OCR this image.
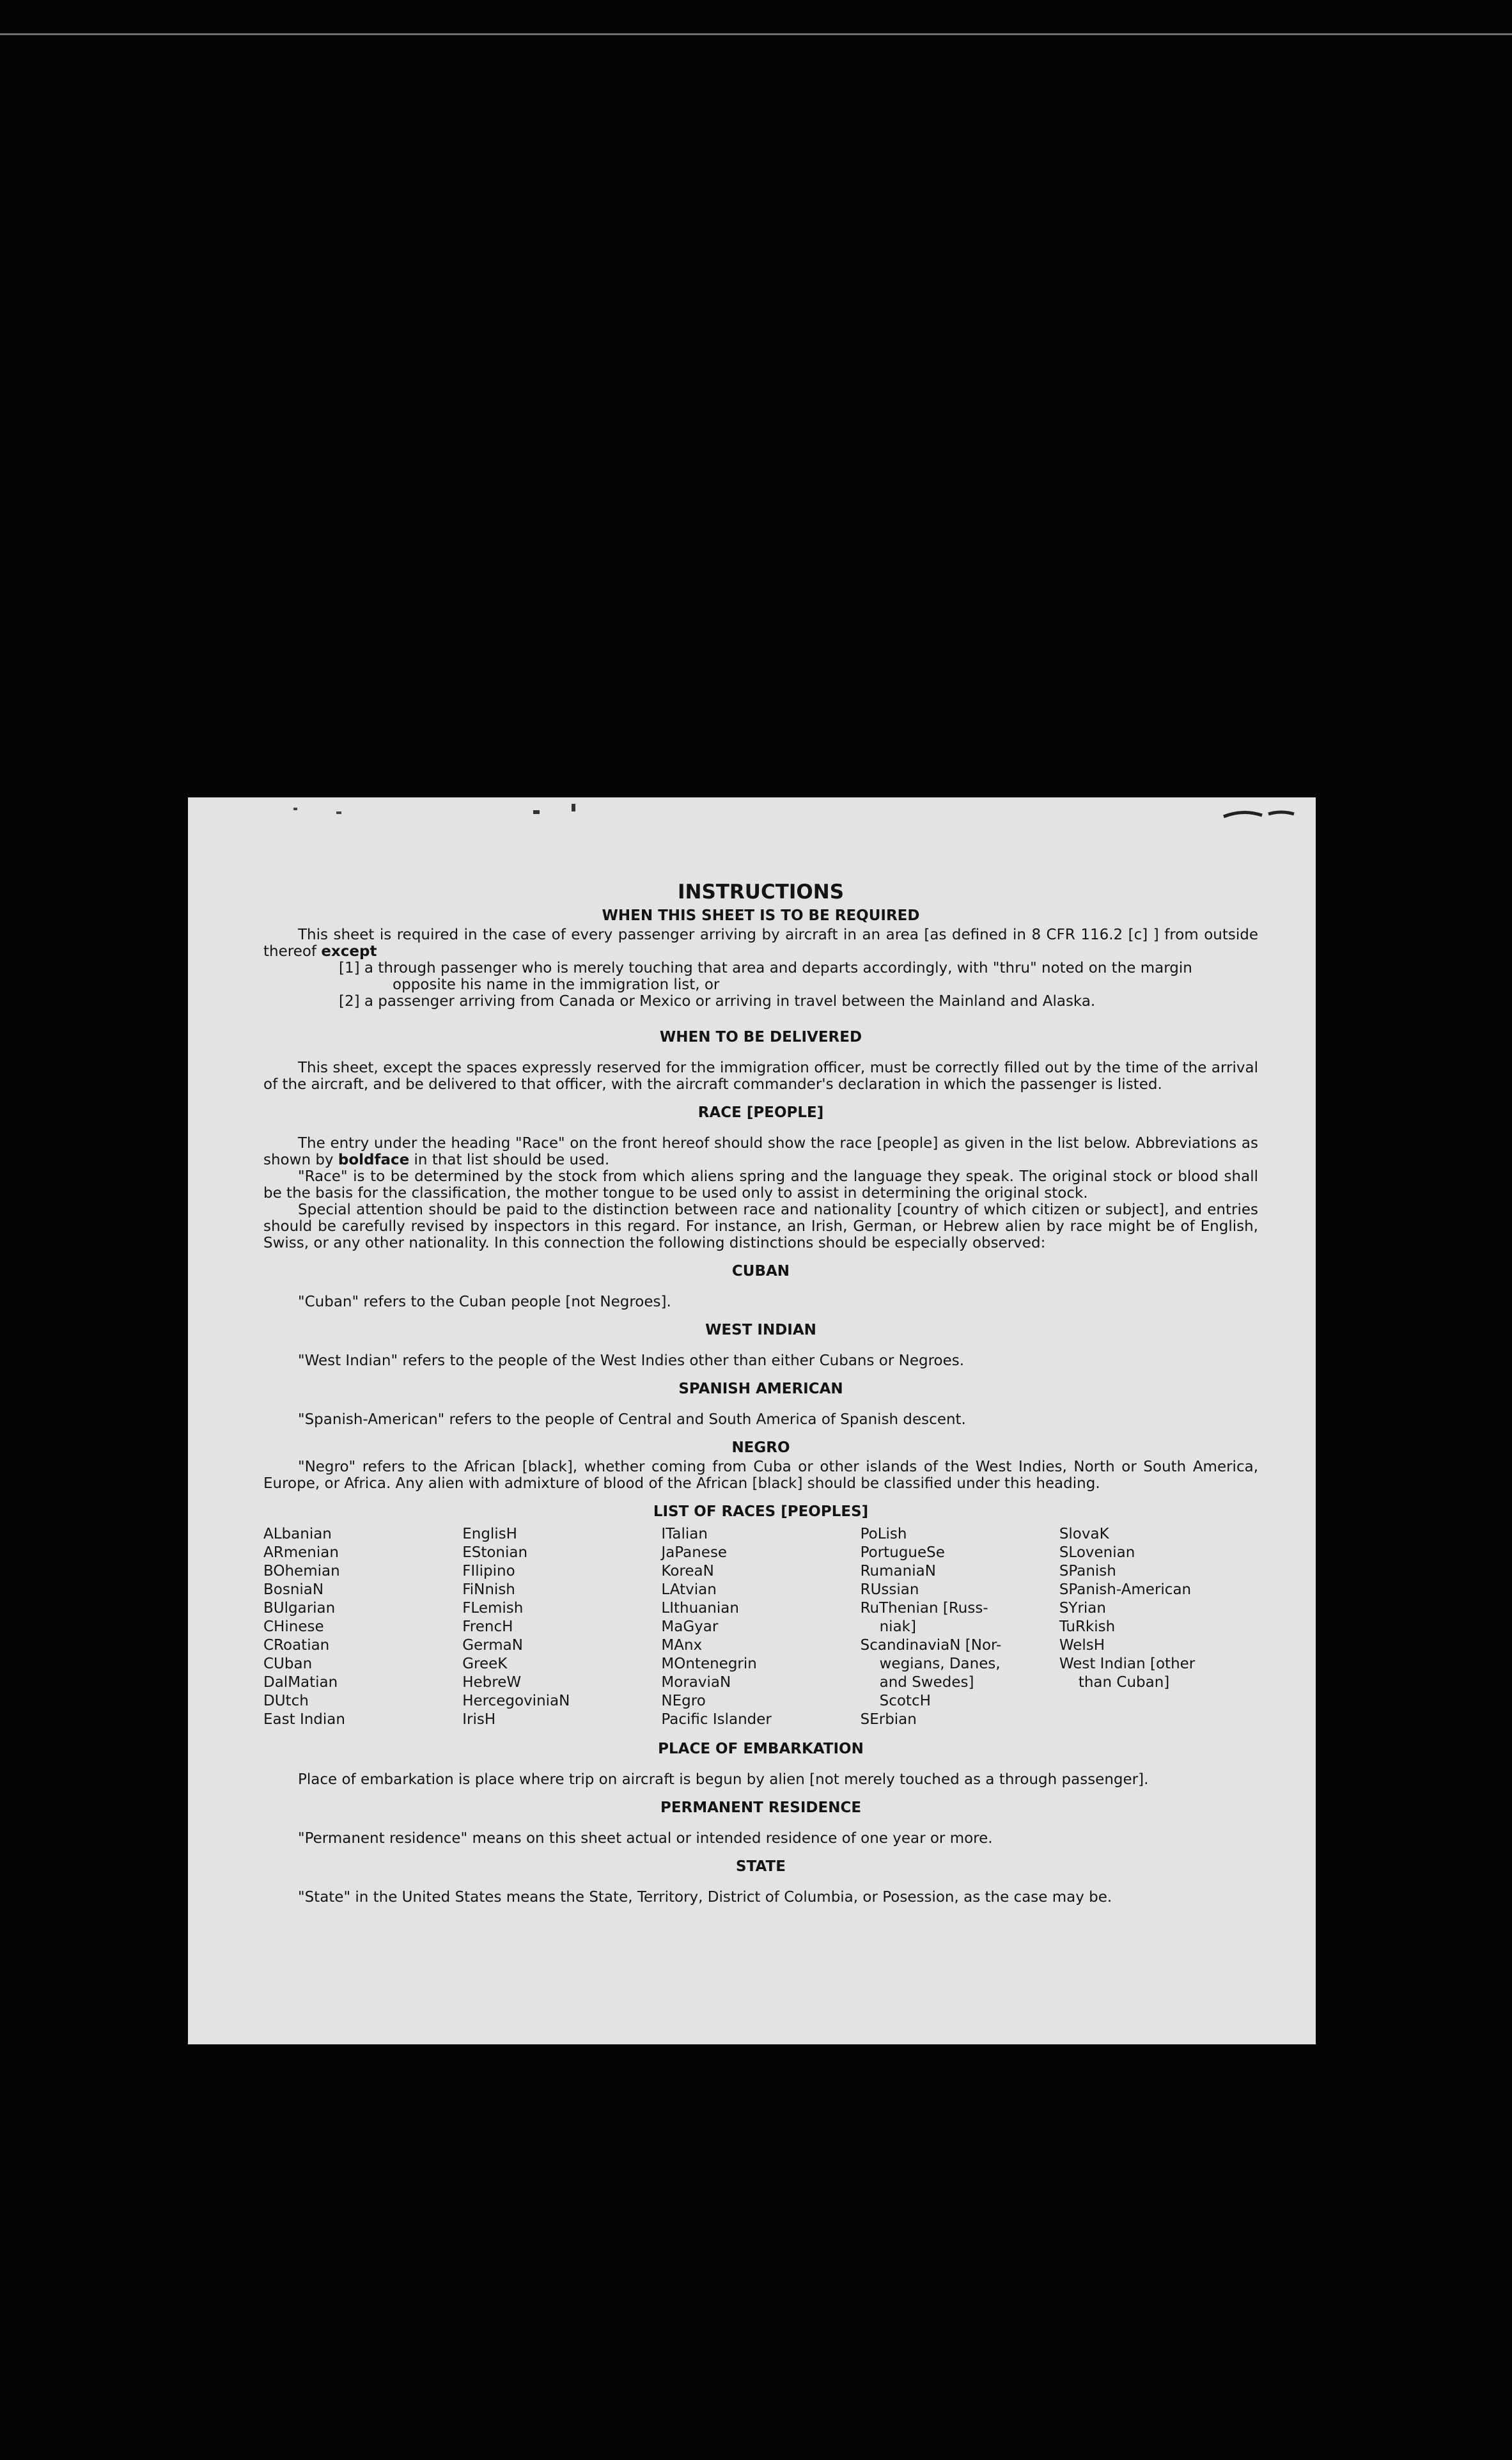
INSTRUCTIONS
WHEN THIS SHEET IS TO BE REQUIRED

This sheet is required in the case of every passenger arriving by aircraft in an area [as defined in 8 CFR 116.2 [c] ] from outside thereof except

[1] a through passenger who is merely touching that area and departs accordingly, with "thru" noted on the margin opposite his name in the immigration list, or

[2] a passenger arriving from Canada or Mexico or arriving in travel between the Mainland and Alaska.

WHEN TO BE DELIVERED

This sheet, except the spaces expressly reserved for the immigration officer, must be correctly filled out by the time of the arrival of the aircraft, and be delivered to that officer, with the aircraft commander's declaration in which the passenger is listed.

RACE [PEOPLE]

The entry under the heading "Race" on the front hereof should show the race [people] as given in the list below. Abbreviations as shown by boldface in that list should be used.

"Race" is to be determined by the stock from which aliens spring and the language they speak. The original stock or blood shall be the basis for the classification, the mother tongue to be used only to assist in determining the original stock.

Special attention should be paid to the distinction between race and nationality [country of which citizen or subject], and entries should be carefully revised by inspectors in this regard. For instance, an Irish, German, or Hebrew alien by race might be of English, Swiss, or any other nationality. In this connection the following distinctions should be especially observed:

CUBAN

"Cuban" refers to the Cuban people [not Negroes].

WEST INDIAN

"West Indian" refers to the people of the West Indies other than either Cubans or Negroes.

SPANISH AMERICAN

"Spanish-American" refers to the people of Central and South America of Spanish descent.

NEGRO

"Negro" refers to the African [black], whether coming from Cuba or other islands of the West Indies, North or South America, Europe, or Africa. Any alien with admixture of blood of the African [black] should be classified under this heading.

LIST OF RACES [PEOPLES]
ALbanian
ARmenian
BOhemian
BosniaN
BUlgarian
CHinese
CRoatian
CUban
DalMatian
DUtch
East Indian
EnglisH
EStonian
FIlipino
FiNnish
FLemish
FrencH
GermaN
GreeK
HebreW
HercegoviniaN
IrisH
ITalian
JaPanese
KoreaN
LAtvian
LIthuanian
MaGyar
MAnx
MOntenegrin
MoraviaN
NEgro
Pacific Islander
PoLish
PortugueSe
RumaniaN
RUssian
RuThenian [Russ-
niak]
ScandinaviaN [Nor-
wegians, Danes,
and Swedes]
ScotcH
SErbian
SlovaK
SLovenian
SPanish
SPanish-American
SYrian
TuRkish
WelsH
West Indian [other
than Cuban]
PLACE OF EMBARKATION

Place of embarkation is place where trip on aircraft is begun by alien [not merely touched as a through passenger].

PERMANENT RESIDENCE

"Permanent residence" means on this sheet actual or intended residence of one year or more.

STATE

"State" in the United States means the State, Territory, District of Columbia, or Posession, as the case may be.
